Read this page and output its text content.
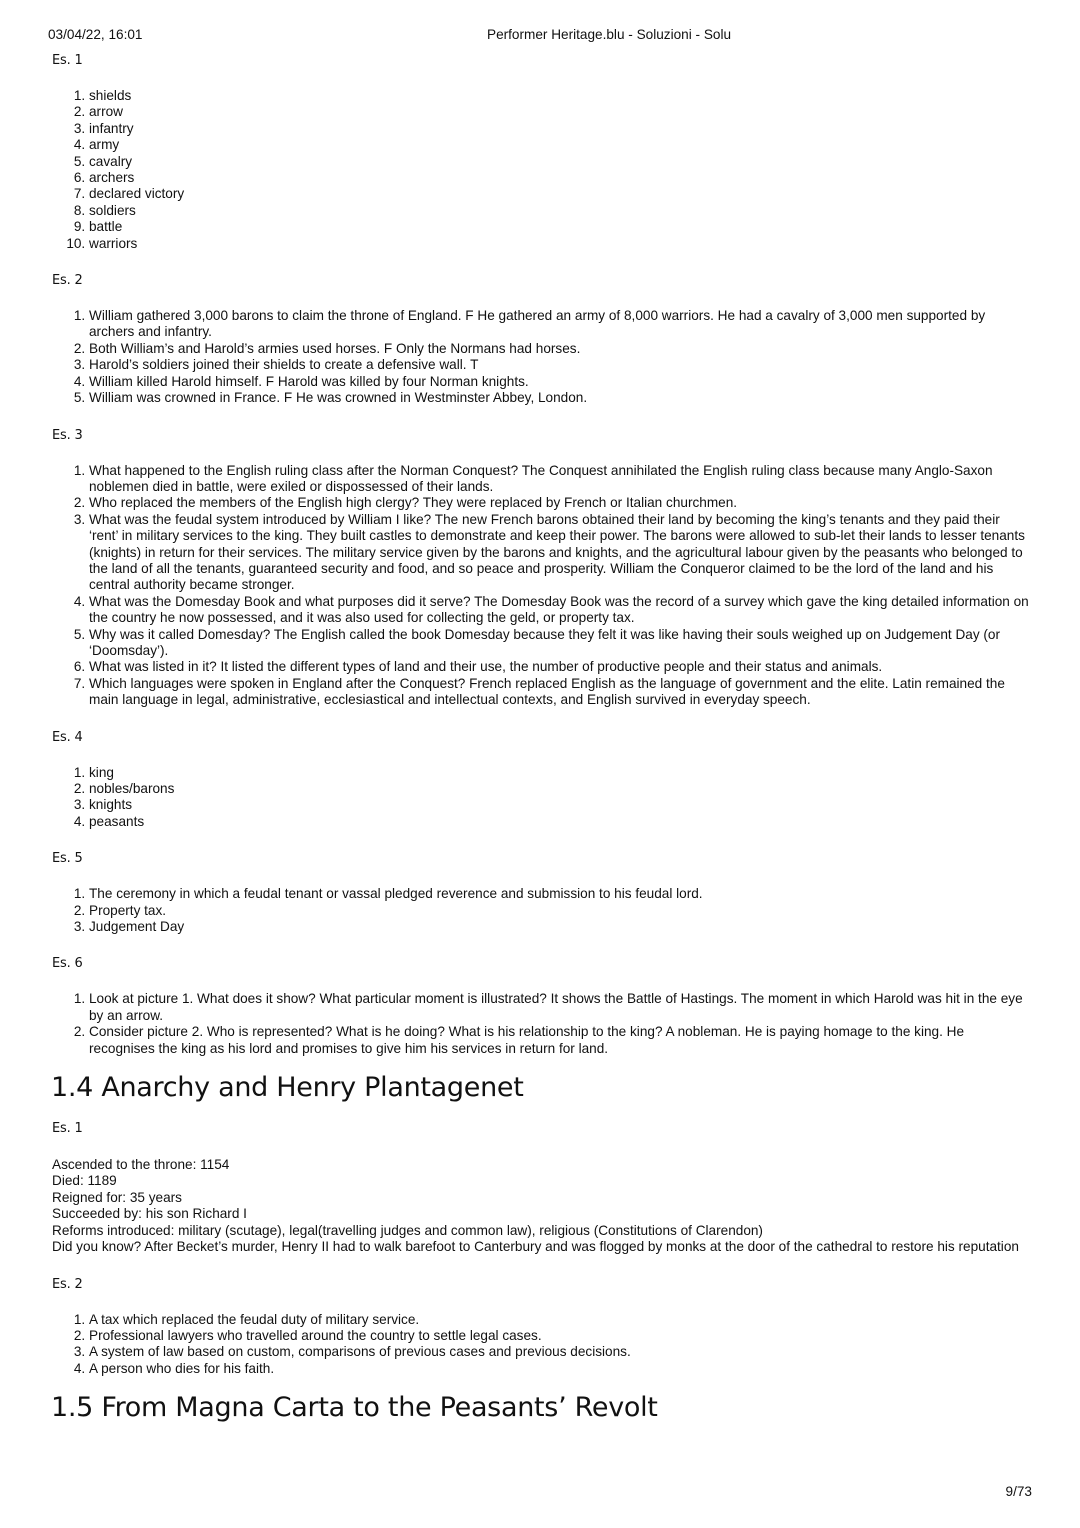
03/04/22, 16:01	Performer Heritage.blu - Soluzioni - Solu

Es. 1

1. shields
2. arrow
3. infantry
4. army
5. cavalry
6. archers
7. declared victory
8. soldiers
9. battle
10. warriors

Es. 2

1. William gathered 3,000 barons to claim the throne of England. F He gathered an army of 8,000 warriors. He had a cavalry of 3,000 men supported by archers and infantry.
2. Both William’s and Harold’s armies used horses. F Only the Normans had horses.
3. Harold’s soldiers joined their shields to create a defensive wall. T
4. William killed Harold himself. F Harold was killed by four Norman knights.
5. William was crowned in France. F He was crowned in Westminster Abbey, London.

Es. 3

1. What happened to the English ruling class after the Norman Conquest? The Conquest annihilated the English ruling class because many Anglo-Saxon noblemen died in battle, were exiled or dispossessed of their lands.
2. Who replaced the members of the English high clergy? They were replaced by French or Italian churchmen.
3. What was the feudal system introduced by William I like? The new French barons obtained their land by becoming the king’s tenants and they paid their ‘rent’ in military services to the king. They built castles to demonstrate and keep their power. The barons were allowed to sub-let their lands to lesser tenants (knights) in return for their services. The military service given by the barons and knights, and the agricultural labour given by the peasants who belonged to the land of all the tenants, guaranteed security and food, and so peace and prosperity. William the Conqueror claimed to be the lord of the land and his central authority became stronger.
4. What was the Domesday Book and what purposes did it serve? The Domesday Book was the record of a survey which gave the king detailed information on the country he now possessed, and it was also used for collecting the geld, or property tax.
5. Why was it called Domesday? The English called the book Domesday because they felt it was like having their souls weighed up on Judgement Day (or ‘Doomsday’).
6. What was listed in it? It listed the different types of land and their use, the number of productive people and their status and animals.
7. Which languages were spoken in England after the Conquest? French replaced English as the language of government and the elite. Latin remained the main language in legal, administrative, ecclesiastical and intellectual contexts, and English survived in everyday speech.

Es. 4

1. king
2. nobles/barons
3. knights
4. peasants

Es. 5

1. The ceremony in which a feudal tenant or vassal pledged reverence and submission to his feudal lord.
2. Property tax.
3. Judgement Day

Es. 6

1. Look at picture 1. What does it show? What particular moment is illustrated? It shows the Battle of Hastings. The moment in which Harold was hit in the eye by an arrow.
2. Consider picture 2. Who is represented? What is he doing? What is his relationship to the king? A nobleman. He is paying homage to the king. He recognises the king as his lord and promises to give him his services in return for land.
1.4 Anarchy and Henry Plantagenet

Es. 1

Ascended to the throne: 1154
Died: 1189
Reigned for: 35 years
Succeeded by: his son Richard I
Reforms introduced: military (scutage), legal(travelling judges and common law), religious (Constitutions of Clarendon)
Did you know? After Becket’s murder, Henry II had to walk barefoot to Canterbury and was flogged by monks at the door of the cathedral to restore his reputation

Es. 2

1. A tax which replaced the feudal duty of military service.
2. Professional lawyers who travelled around the country to settle legal cases.
3. A system of law based on custom, comparisons of previous cases and previous decisions.
4. A person who dies for his faith.
1.5 From Magna Carta to the Peasants’ Revolt
9/73
